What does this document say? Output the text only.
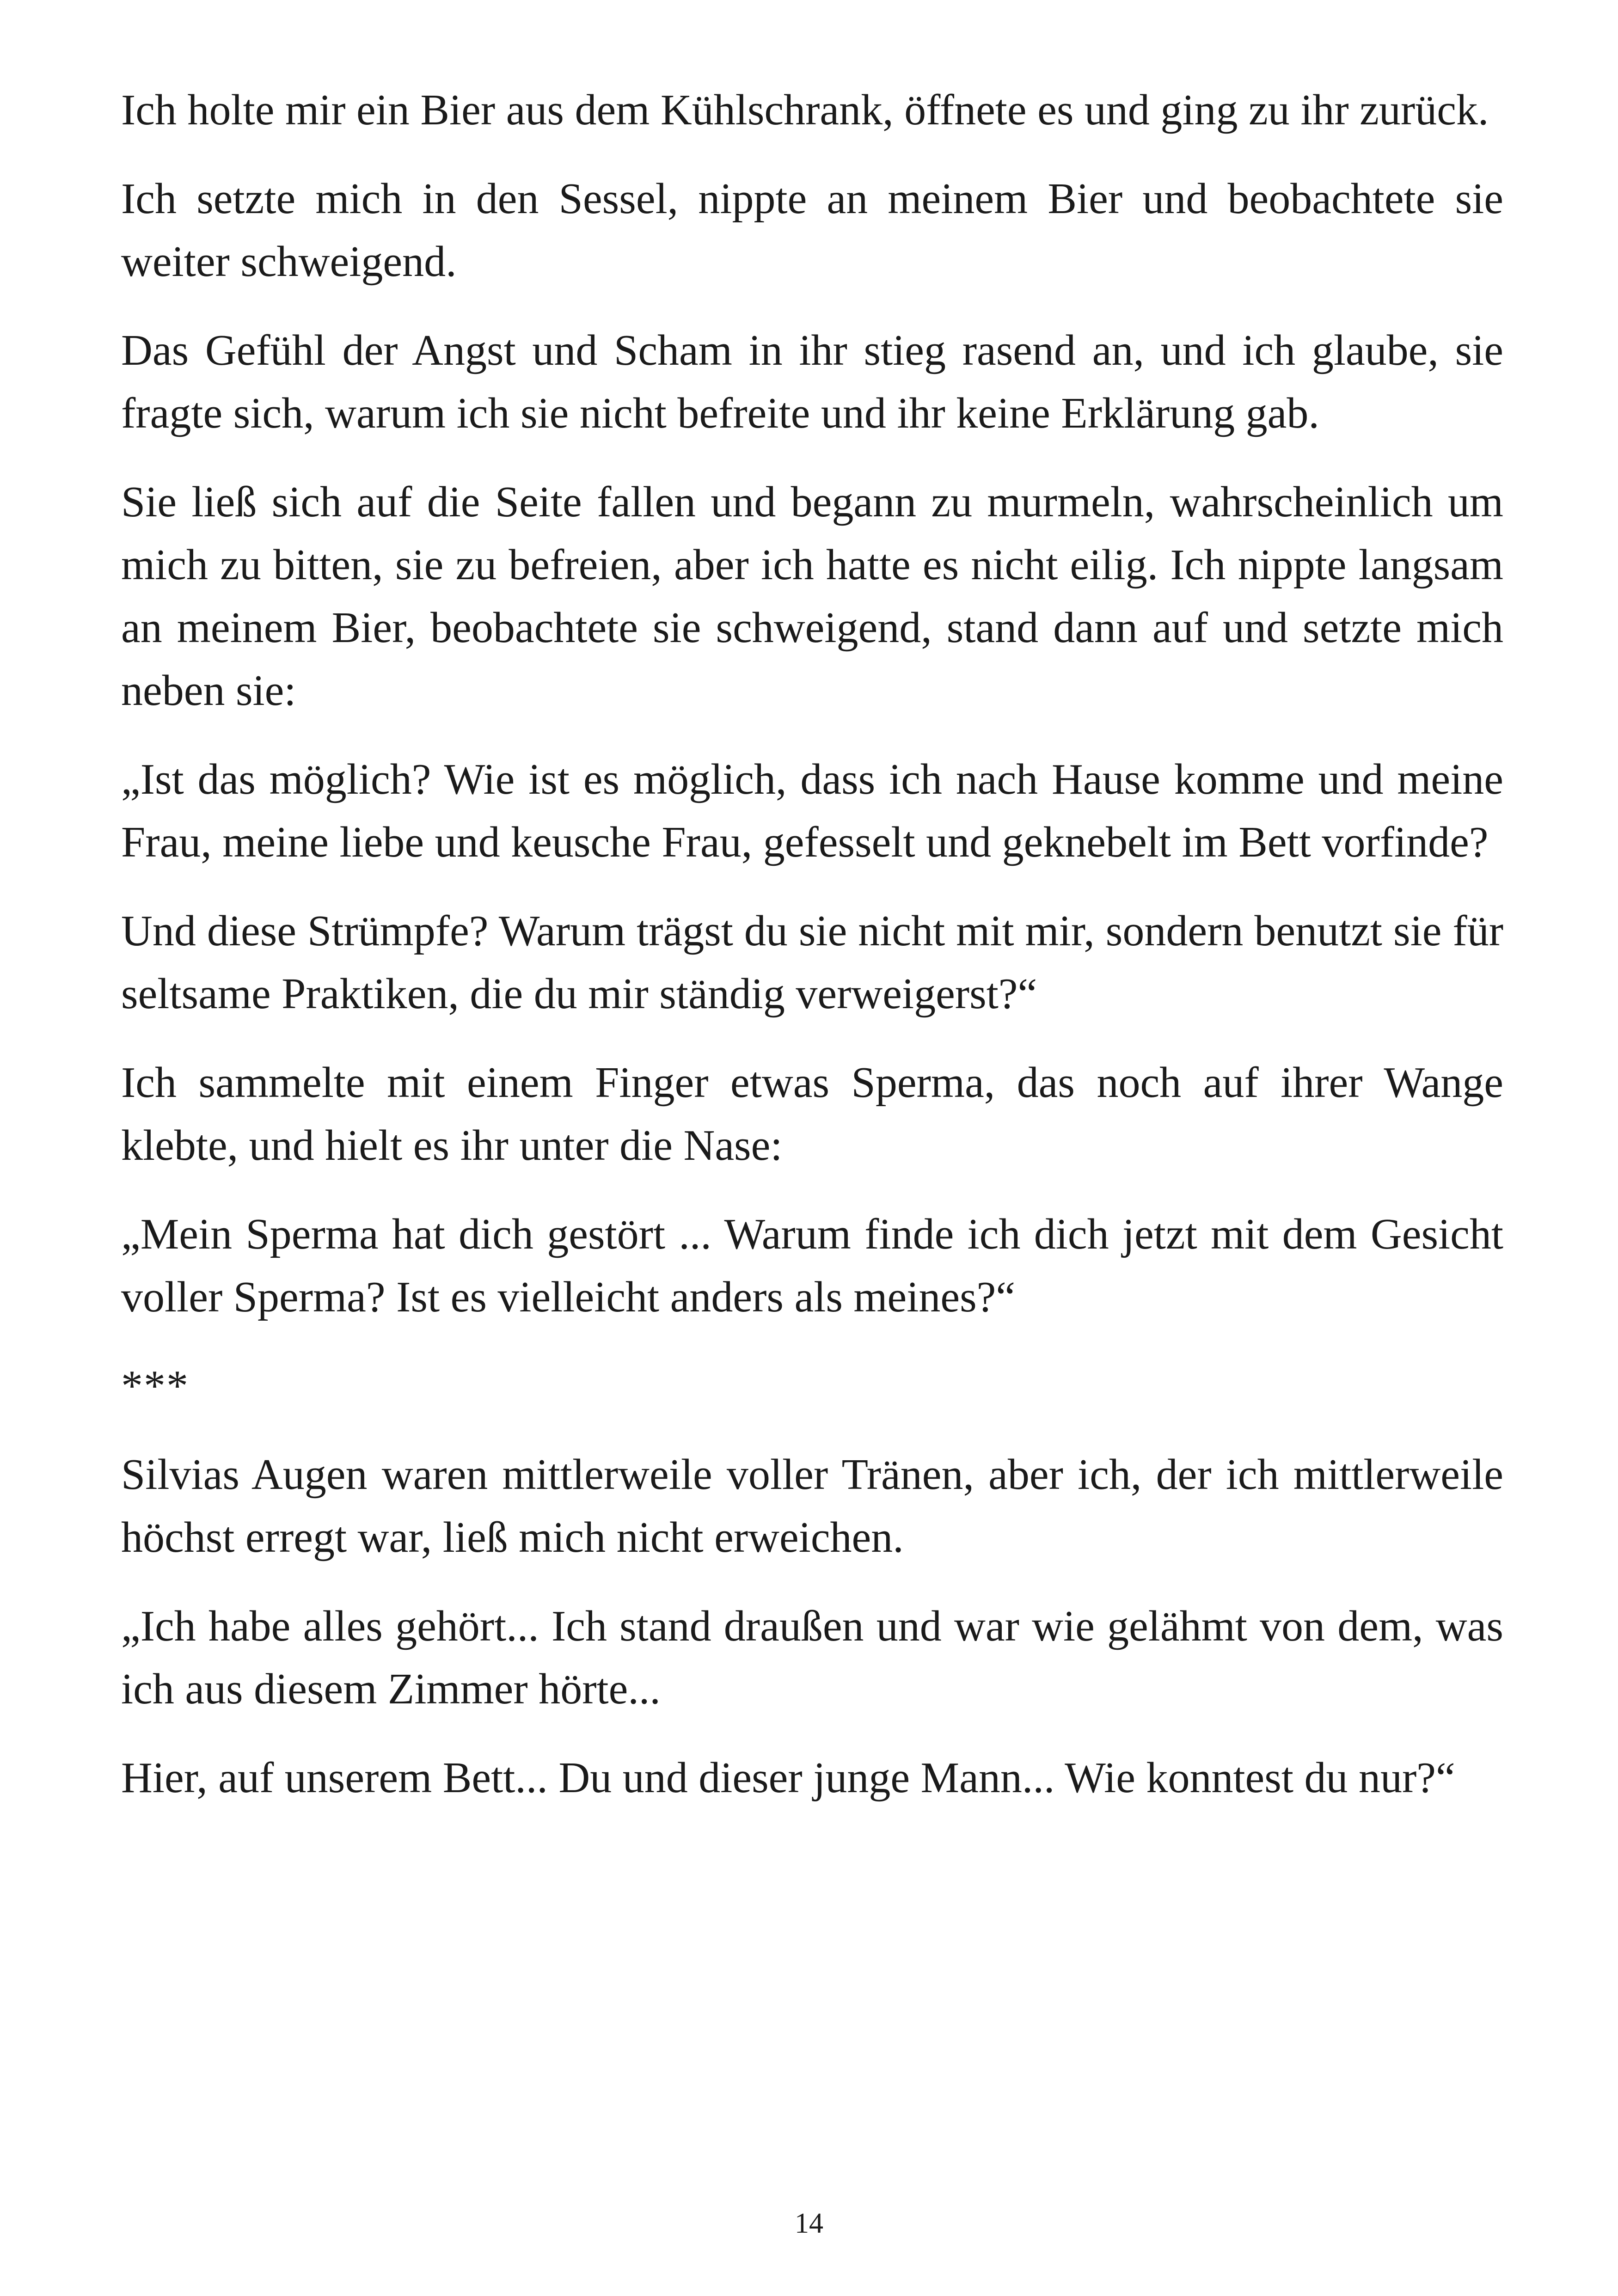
Ich holte mir ein Bier aus dem Kühlschrank, öffnete es und ging zu ihr zurück.

Ich setzte mich in den Sessel, nippte an meinem Bier und beobachtete sie weiter schweigend.

Das Gefühl der Angst und Scham in ihr stieg rasend an, und ich glaube, sie fragte sich, warum ich sie nicht befreite und ihr keine Erklärung gab.

Sie ließ sich auf die Seite fallen und begann zu murmeln, wahrscheinlich um mich zu bitten, sie zu befreien, aber ich hatte es nicht eilig. Ich nippte langsam an meinem Bier, beobachtete sie schweigend, stand dann auf und setzte mich neben sie:

„Ist das möglich? Wie ist es möglich, dass ich nach Hause komme und meine Frau, meine liebe und keusche Frau, gefesselt und geknebelt im Bett vorfinde?

Und diese Strümpfe? Warum trägst du sie nicht mit mir, sondern benutzt sie für seltsame Praktiken, die du mir ständig verweigerst?“

Ich sammelte mit einem Finger etwas Sperma, das noch auf ihrer Wange klebte, und hielt es ihr unter die Nase:

„Mein Sperma hat dich gestört ... Warum finde ich dich jetzt mit dem Gesicht voller Sperma? Ist es vielleicht anders als meines?“

***

Silvias Augen waren mittlerweile voller Tränen, aber ich, der ich mittlerweile höchst erregt war, ließ mich nicht erweichen.

„Ich habe alles gehört... Ich stand draußen und war wie gelähmt von dem, was ich aus diesem Zimmer hörte...

Hier, auf unserem Bett... Du und dieser junge Mann... Wie konntest du nur?“

14
